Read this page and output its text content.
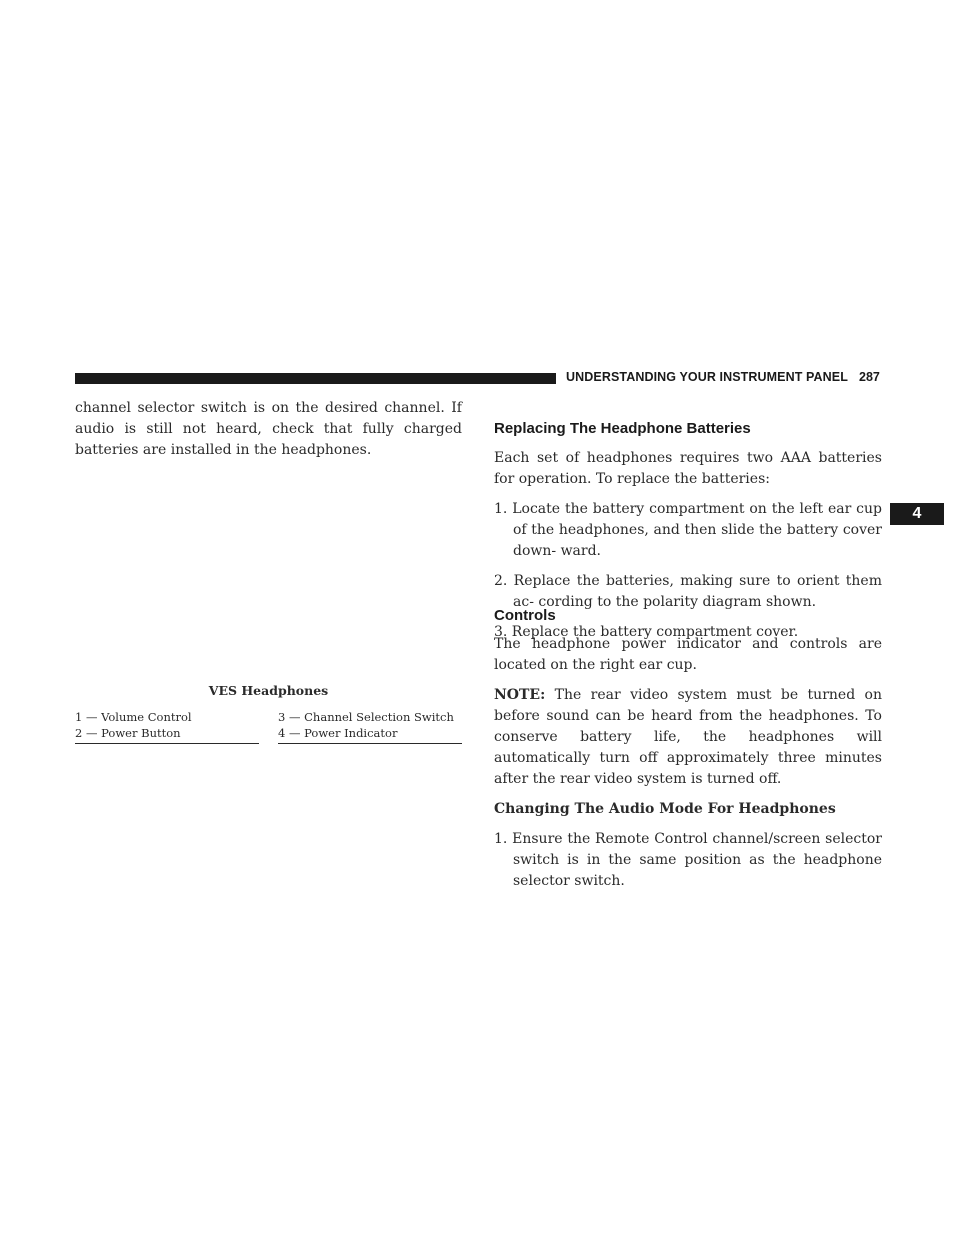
UNDERSTANDING YOUR INSTRUMENT PANEL 287
4

channel selector switch is on the desired channel. If audio is still not heard, check that fully charged batteries are installed in the headphones.

VES Headphones
1 — Volume Control
2 — Power Button
3 — Channel Selection Switch
4 — Power Indicator
Replacing The Headphone Batteries

Each set of headphones requires two AAA batteries for operation. To replace the batteries:

1. Locate the battery compartment on the left ear cup of the headphones, and then slide the battery cover down- ward.

2. Replace the batteries, making sure to orient them ac- cording to the polarity diagram shown.

3. Replace the battery compartment cover.

Controls

The headphone power indicator and controls are located on the right ear cup.

NOTE: The rear video system must be turned on before sound can be heard from the headphones. To conserve battery life, the headphones will automatically turn off approximately three minutes after the rear video system is turned off.

Changing The Audio Mode For Headphones

1. Ensure the Remote Control channel/screen selector switch is in the same position as the headphone selector switch.
